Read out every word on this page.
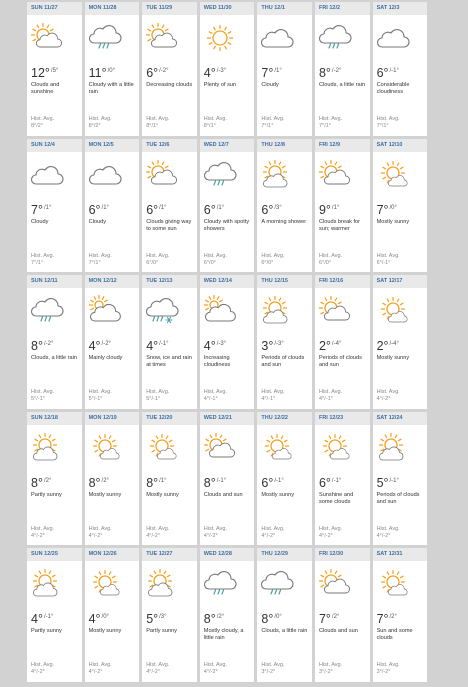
SUN 11/27
12°$^{/5^\circ}$
Clouds and sunshine
Hist. Avg.
8°/2°
MON 11/28
11°$^{/0^\circ}$
Cloudy with a little rain
Hist. Avg.
8°/2°
TUE 11/29
6°$^{/-2^\circ}$
Decreasing clouds
Hist. Avg.
8°/1°
WED 11/30
4°$^{/-3^\circ}$
Plenty of sun
Hist. Avg.
8°/1°
THU 12/1
7°$^{/1^\circ}$
Cloudy
Hist. Avg.
7°/1°
FRI 12/2
8°$^{/-2^\circ}$
Clouds, a little rain
Hist. Avg.
7°/1°
SAT 12/3
6°$^{/-1^\circ}$
Considerable cloudiness
Hist. Avg.
7°/1°
SUN 12/4
7°$^{/1^\circ}$
Cloudy
Hist. Avg.
7°/1°
MON 12/5
6°$^{/1^\circ}$
Cloudy
Hist. Avg.
7°/1°
TUE 12/6
6°$^{/1^\circ}$
Clouds giving way to some sun
Hist. Avg.
6°/0°
WED 12/7
6°$^{/1^\circ}$
Cloudy with spotty showers
Hist. Avg.
6°/0°
THU 12/8
6°$^{/3^\circ}$
A morning shower
Hist. Avg.
6°/0°
FRI 12/9
9°$^{/1^\circ}$
Clouds break for sun; warmer
Hist. Avg.
6°/0°
SAT 12/10
7°$^{/0^\circ}$
Mostly sunny
Hist. Avg.
6°/-1°
SUN 12/11
8°$^{/-2^\circ}$
Clouds, a little rain
Hist. Avg.
5°/-1°
MON 12/12
4°$^{/-2^\circ}$
Mainly cloudy
Hist. Avg.
5°/-1°
TUE 12/13
4°$^{/-1^\circ}$
Snow, ice and rain at times
Hist. Avg.
5°/-1°
WED 12/14
4°$^{/-3^\circ}$
Increasing cloudiness
Hist. Avg.
4°/-1°
THU 12/15
3°$^{/-3^\circ}$
Periods of clouds and sun
Hist. Avg.
4°/-1°
FRI 12/16
2°$^{/-4^\circ}$
Periods of clouds and sun
Hist. Avg.
4°/-1°
SAT 12/17
2°$^{/-4^\circ}$
Mostly sunny
Hist. Avg.
4°/-2°
SUN 12/18
8°$^{/2^\circ}$
Partly sunny
Hist. Avg.
4°/-2°
MON 12/19
8°$^{/2^\circ}$
Mostly sunny
Hist. Avg.
4°/-2°
TUE 12/20
8°$^{/1^\circ}$
Mostly sunny
Hist. Avg.
4°/-2°
WED 12/21
8°$^{/-1^\circ}$
Clouds and sun
Hist. Avg.
4°/-2°
THU 12/22
6°$^{/-1^\circ}$
Mostly sunny
Hist. Avg.
4°/-2°
FRI 12/23
6°$^{/-1^\circ}$
Sunshine and some clouds
Hist. Avg.
4°/-2°
SAT 12/24
5°$^{/-1^\circ}$
Periods of clouds and sun
Hist. Avg.
4°/-2°
SUN 12/25
4°$^{/-1^\circ}$
Partly sunny
Hist. Avg.
4°/-2°
MON 12/26
4°$^{/0^\circ}$
Mostly sunny
Hist. Avg.
4°/-2°
TUE 12/27
5°$^{/3^\circ}$
Partly sunny
Hist. Avg.
4°/-2°
WED 12/28
8°$^{/2^\circ}$
Mostly cloudy, a little rain
Hist. Avg.
4°/-2°
THU 12/29
8°$^{/0^\circ}$
Clouds, a little rain
Hist. Avg.
3°/-2°
FRI 12/30
7°$^{/2^\circ}$
Clouds and sun
Hist. Avg.
3°/-2°
SAT 12/31
7°$^{/2^\circ}$
Sun and some clouds
Hist. Avg.
3°/-2°
